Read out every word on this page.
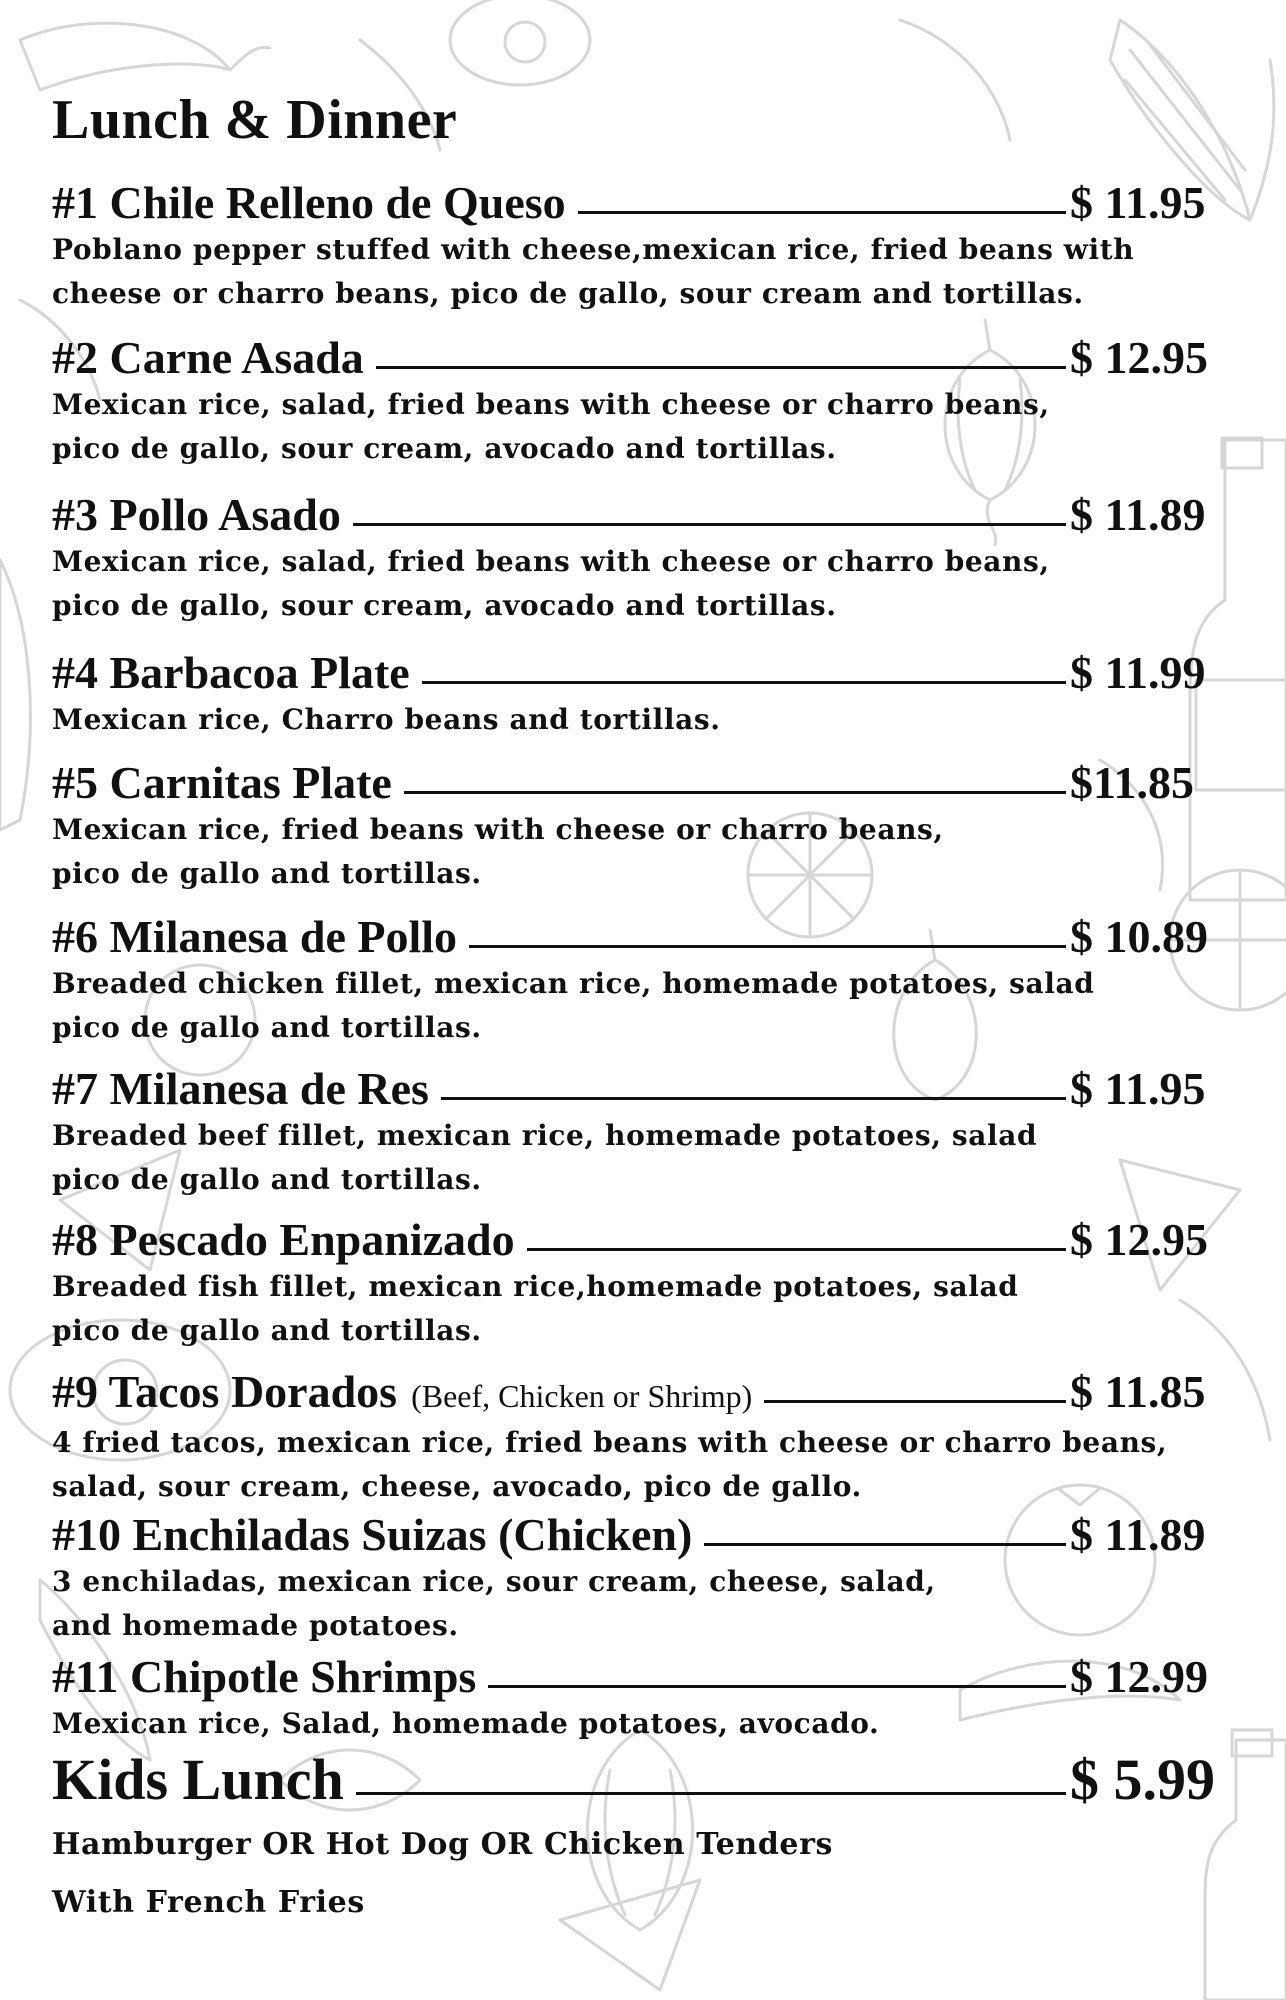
Lunch & Dinner
#1 Chile Relleno de Queso	$ 11.95
Poblano pepper stuffed with cheese,mexican rice, fried beans with
cheese or charro beans, pico de gallo, sour cream and tortillas.
#2 Carne Asada	$ 12.95
Mexican rice, salad, fried beans with cheese or charro beans,
pico de gallo, sour cream, avocado and tortillas.
#3 Pollo Asado	$ 11.89
Mexican rice, salad, fried beans with cheese or charro beans,
pico de gallo, sour cream, avocado and tortillas.
#4 Barbacoa Plate	$ 11.99
Mexican rice, Charro beans and tortillas.
#5 Carnitas Plate	$11.85
Mexican rice, fried beans with cheese or charro beans,
pico de gallo and tortillas.
#6 Milanesa de Pollo	$ 10.89
Breaded chicken fillet, mexican rice, homemade potatoes, salad
pico de gallo and tortillas.
#7 Milanesa de Res	$ 11.95
Breaded beef fillet, mexican rice, homemade potatoes, salad
pico de gallo and tortillas.
#8 Pescado Enpanizado	$ 12.95
Breaded fish fillet, mexican rice,homemade potatoes, salad
pico de gallo and tortillas.
#9 Tacos Dorados (Beef, Chicken or Shrimp)	$ 11.85
4 fried tacos, mexican rice, fried beans with cheese or charro beans,
salad, sour cream, cheese, avocado, pico de gallo.
#10 Enchiladas Suizas (Chicken)	$ 11.89
3 enchiladas, mexican rice, sour cream, cheese, salad,
and homemade potatoes.
#11 Chipotle Shrimps	$ 12.99
Mexican rice, Salad, homemade potatoes, avocado.
Kids Lunch	$ 5.99
Hamburger OR Hot Dog OR Chicken Tenders
With French Fries
